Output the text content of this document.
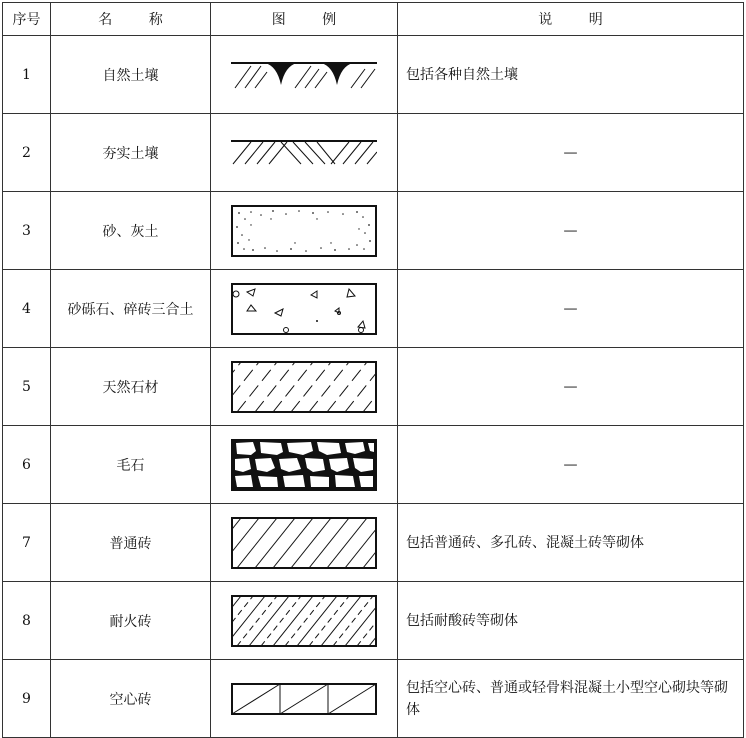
序号	名 称	图 例	说 明
1	自然土壤		包括各种自然土壤
2	夯实土壤		—
3	砂、灰土		—
4	砂砾石、碎砖三合土		—
5	天然石材		—
6	毛石		—
7	普通砖		包括普通砖、多孔砖、混凝土砖等砌体
8	耐火砖		包括耐酸砖等砌体
9	空心砖		包括空心砖、普通或轻骨料混凝土小型空心砌块等砌体
